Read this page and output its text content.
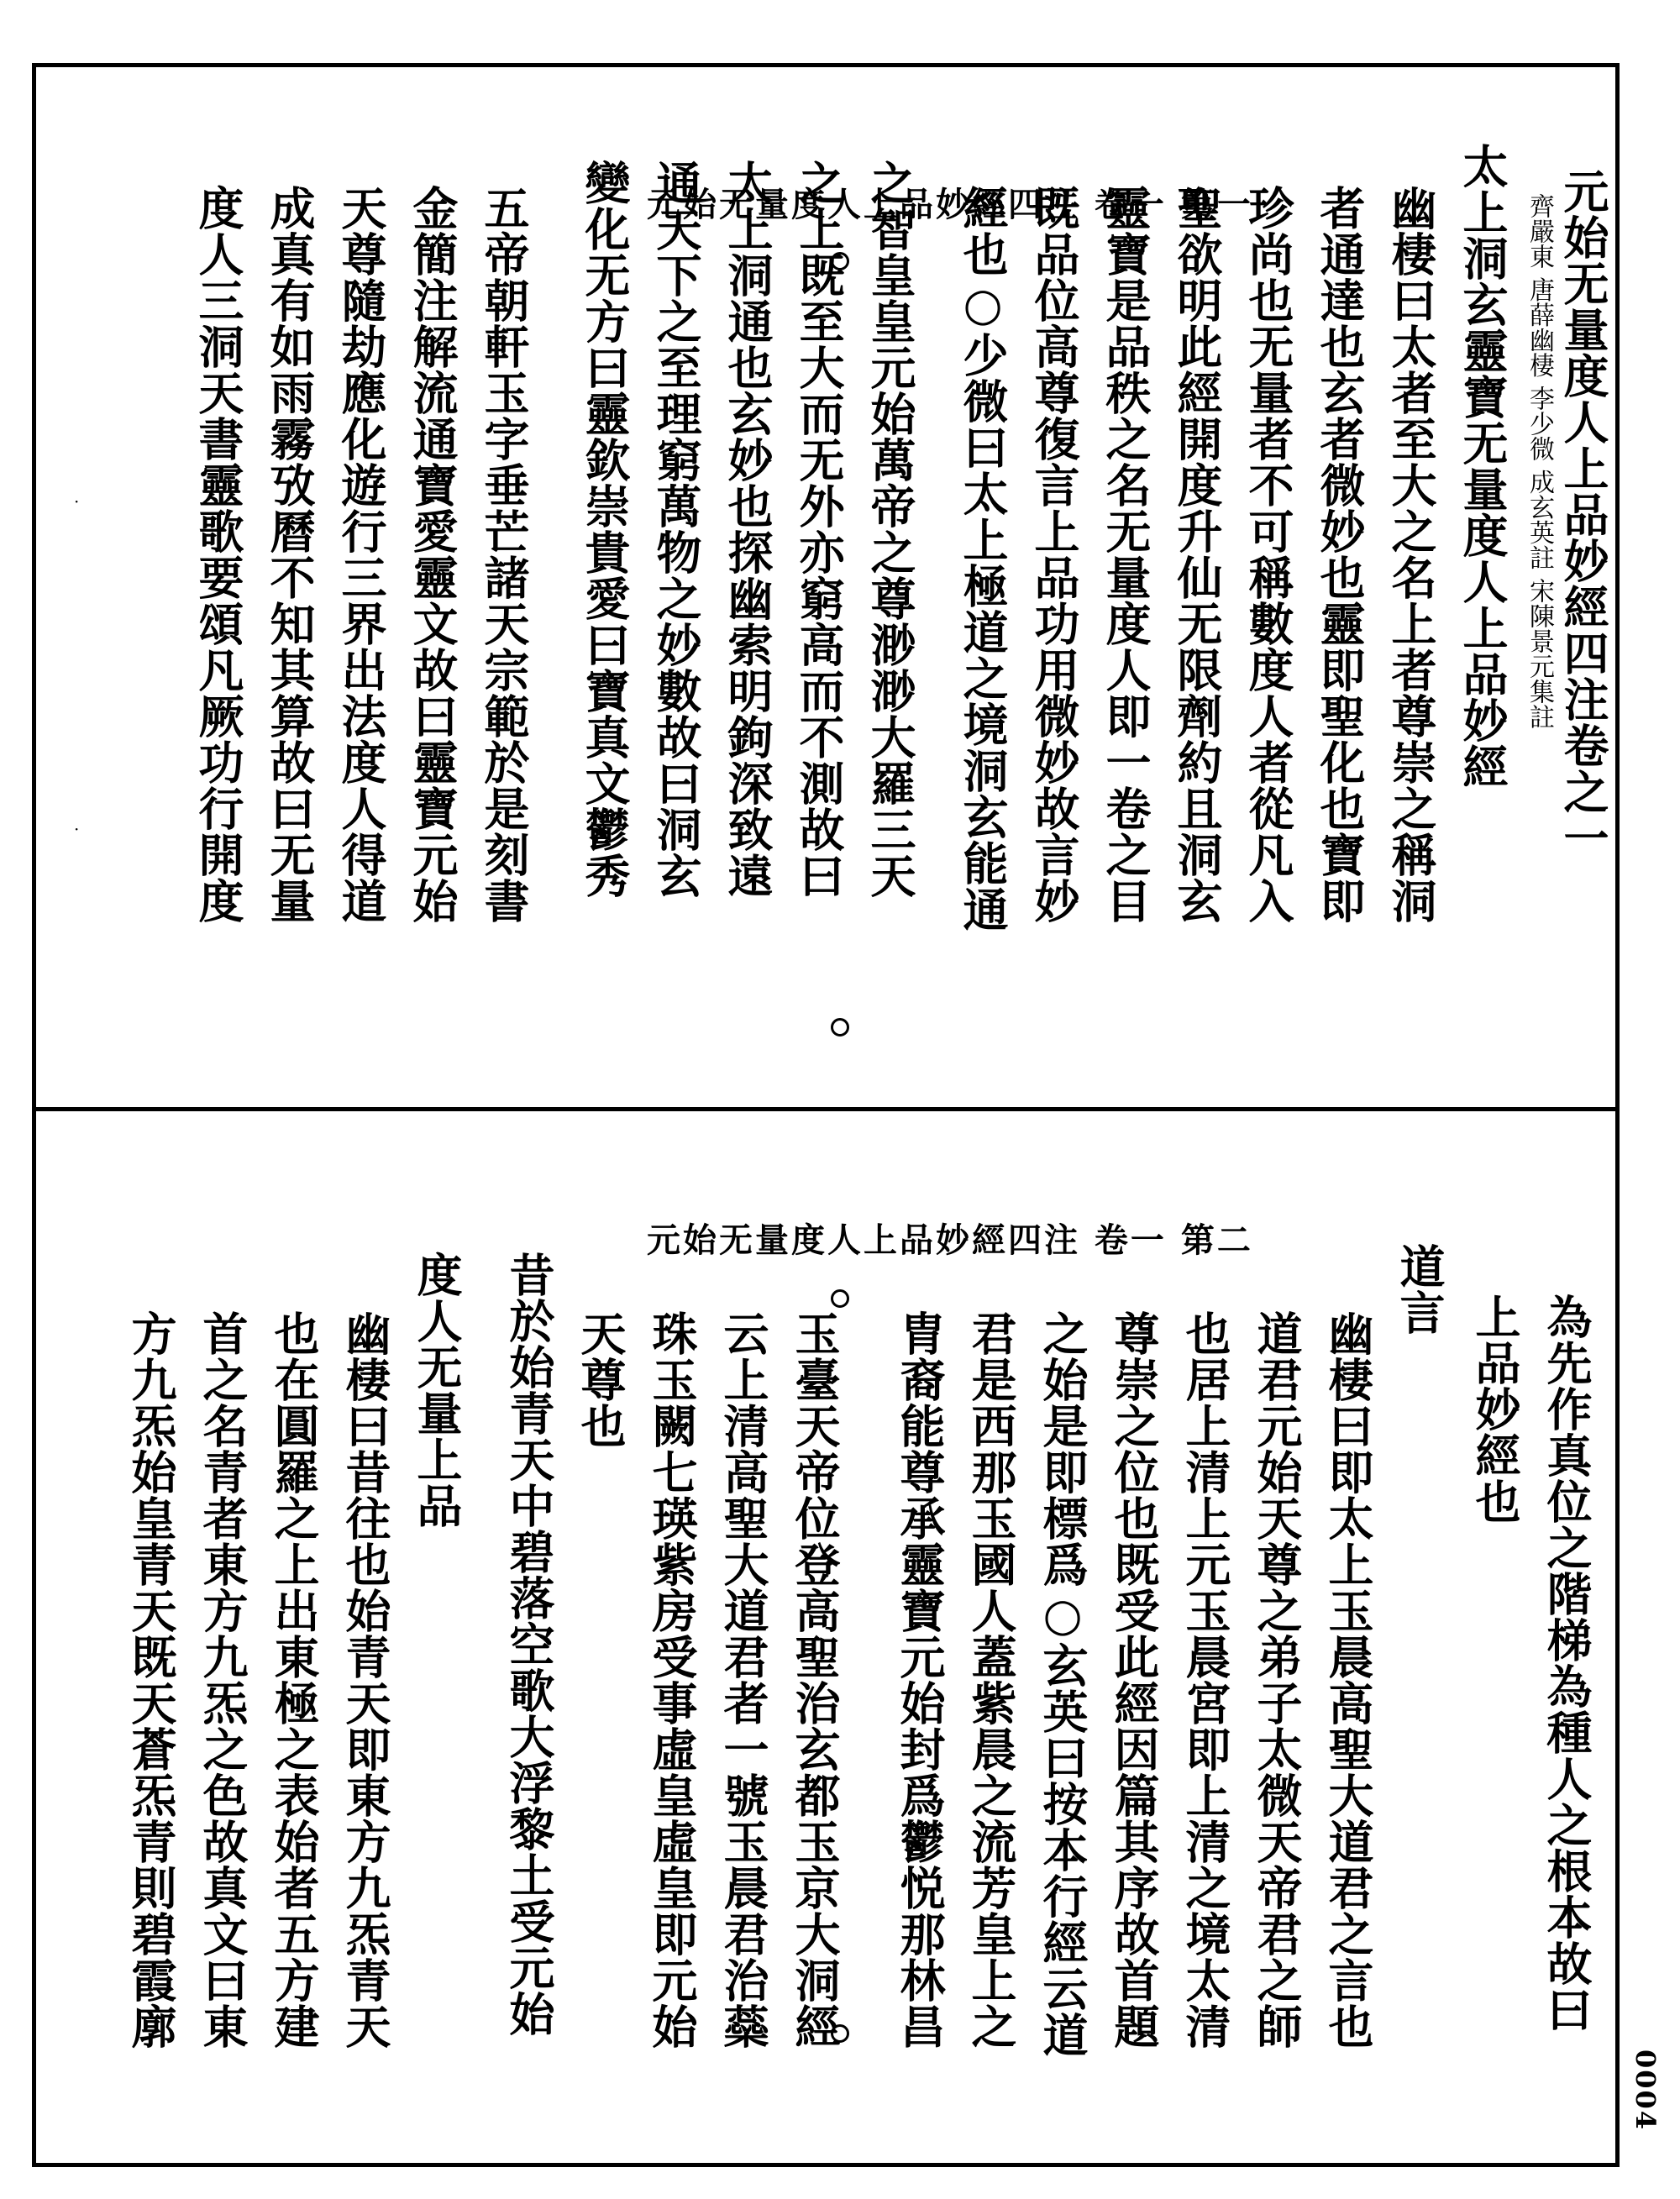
元始无量度人上品妙經四注 卷一 第一
元始无量度人上品妙經四注 卷一 第二
元始无量度人上品妙經四注卷之一
齊嚴東 唐薛幽棲 李少微 成玄英註 宋陳景元集註
太上洞玄靈寶无量度人上品妙經
幽棲曰太者至大之名上者尊崇之稱洞
者通達也玄者微妙也靈即聖化也寶即
珍尚也无量者不可稱數度人者從凡入
聖欲明此經開度升仙无限劑約且洞玄
靈寶是品秩之名无量度人即一卷之目
既品位高尊復言上品功用微妙故言妙
經也○少微曰太上極道之境洞玄能通
之智皇皇元始萬帝之尊渺渺大羅三天
之上既至大而无外亦窮高而不測故曰
太上洞通也玄妙也探幽索明鉤深致遠
通天下之至理窮萬物之妙數故曰洞玄
變化无方曰靈欽崇貴愛曰寶真文鬱秀
五帝朝軒玉字垂芒諸天宗範於是刻書
金簡注解流通寶愛靈文故曰靈寶元始
天尊隨劫應化遊行三界出法度人得道
成真有如雨霧攷曆不知其算故曰无量
度人三洞天書靈歌要頌凡厥功行開度
為先作真位之階梯為種人之根本故曰
上品妙經也
道言
幽棲曰即太上玉晨高聖大道君之言也
道君元始天尊之弟子太微天帝君之師
也居上清上元玉晨宮即上清之境太清
尊崇之位也既受此經因篇其序故首題
之始是即標爲○玄英曰按本行經云道
君是西那玉國人蓋紫晨之流芳皇上之
胄裔能尊承靈寶元始封爲鬱悦那林昌
玉臺天帝位登高聖治玄都玉京大洞經
云上清高聖大道君者一號玉晨君治蘂
珠玉闕七瑛紫房受事虛皇虛皇即元始
天尊也
昔於始青天中碧落空歌大浮黎土受元始
度人无量上品
幽棲曰昔往也始青天即東方九炁青天
也在圓羅之上出東極之表始者五方建
首之名青者東方九炁之色故真文曰東
方九炁始皇青天既天蒼炁青則碧霞廓
·
·
0004
